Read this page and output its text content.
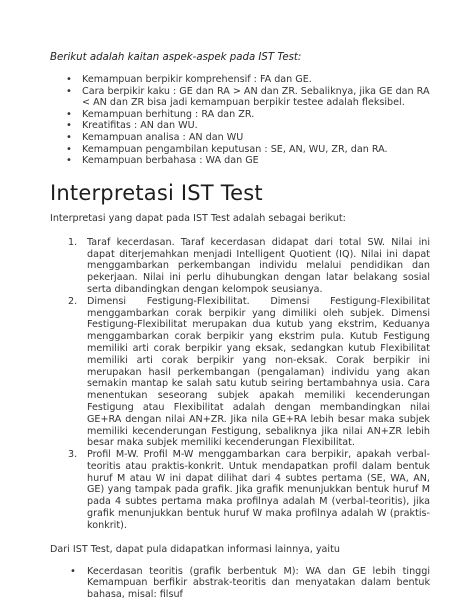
Berikut adalah kaitan aspek-aspek pada IST Test:

• Kemampuan berpikir komprehensif : FA dan GE.
• Cara berpikir kaku : GE dan RA > AN dan ZR. Sebaliknya, jika GE dan RA < AN dan ZR bisa jadi kemampuan berpikir testee adalah fleksibel.
• Kemampuan berhitung : RA dan ZR.
• Kreatifitas : AN dan WU.
• Kemampuan analisa : AN dan WU
• Kemampuan pengambilan keputusan : SE, AN, WU, ZR, dan RA.
• Kemampuan berbahasa : WA dan GE
Interpretasi IST Test

Interpretasi yang dapat pada IST Test adalah sebagai berikut:

1. Taraf kecerdasan. Taraf kecerdasan didapat dari total SW. Nilai ini dapat diterjemahkan menjadi Intelligent Quotient (IQ). Nilai ini dapat menggambarkan perkembangan individu melalui pendidikan dan pekerjaan. Nilai ini perlu dihubungkan dengan latar belakang sosial serta dibandingkan dengan kelompok seusianya.
2. Dimensi Festigung-Flexibilitat. Dimensi Festigung-Flexibilitat menggambarkan corak berpikir yang dimiliki oleh subjek. Dimensi Festigung-Flexibilitat merupakan dua kutub yang ekstrim, Keduanya menggambarkan corak berpikir yang ekstrim pula. Kutub Festigung memiliki arti corak berpikir yang eksak, sedangkan kutub Flexibilitat memiliki arti corak berpikir yang non-eksak. Corak berpikir ini merupakan hasil perkembangan (pengalaman) individu yang akan semakin mantap ke salah satu kutub seiring bertambahnya usia. Cara menentukan seseorang subjek apakah memiliki kecenderungan Festigung atau Flexibilitat adalah dengan membandingkan nilai GE+RA dengan nilai AN+ZR. Jika nila GE+RA lebih besar maka subjek memiliki kecenderungan Festigung, sebaliknya jika nilai AN+ZR lebih besar maka subjek memiliki kecenderungan Flexibilitat.
3. Profil M-W. Profil M-W menggambarkan cara berpikir, apakah verbal-teoritis atau praktis-konkrit. Untuk mendapatkan profil dalam bentuk huruf M atau W ini dapat dilihat dari 4 subtes pertama (SE, WA, AN, GE) yang tampak pada grafik. Jika grafik menunjukkan bentuk huruf M pada 4 subtes pertama maka profilnya adalah M (verbal-teoritis), jika grafik menunjukkan bentuk huruf W maka profilnya adalah W (praktis-konkrit).

Dari IST Test, dapat pula didapatkan informasi lainnya, yaitu

• Kecerdasan teoritis (grafik berbentuk M): WA dan GE lebih tinggi Kemampuan berfikir abstrak-teoritis dan menyatakan dalam bentuk bahasa, misal: filsuf
